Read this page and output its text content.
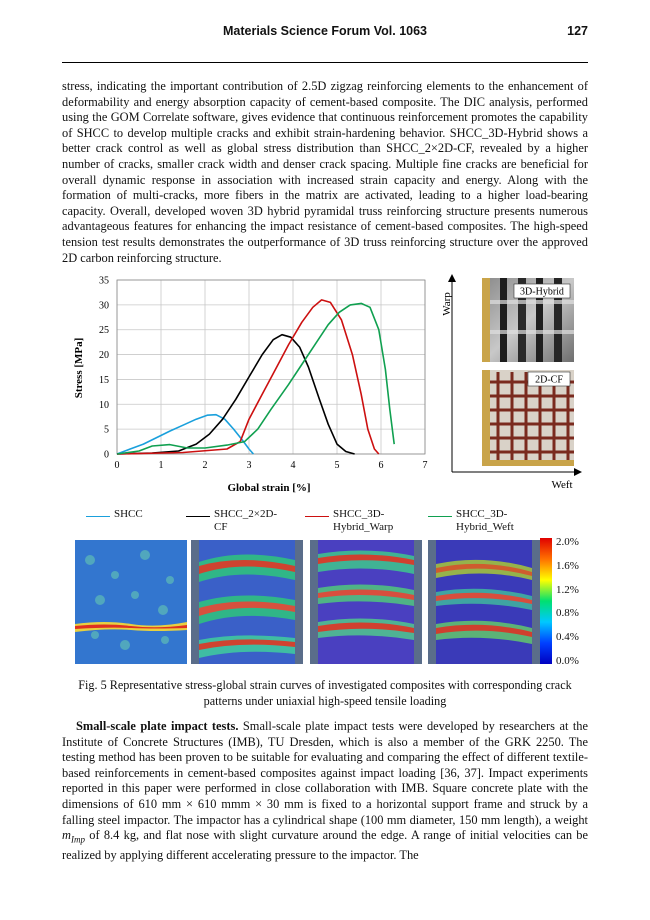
Materials Science Forum Vol. 1063	127

stress, indicating the important contribution of 2.5D zigzag reinforcing elements to the enhancement of deformability and energy absorption capacity of cement-based composite. The DIC analysis, performed using the GOM Correlate software, gives evidence that continuous reinforcement promotes the capability of SHCC to develop multiple cracks and exhibit strain-hardening behavior. SHCC_3D-Hybrid shows a better crack control as well as global stress distribution than SHCC_2×2D-CF, revealed by a higher number of cracks, smaller crack width and denser crack spacing. Multiple fine cracks are beneficial for overall dynamic response in association with increased strain capacity and energy. Along with the formation of multi-cracks, more fibers in the matrix are activated, leading to a higher load-bearing capacity. Overall, developed woven 3D hybrid pyramidal truss reinforcing structure presents numerous advantageous features for enhancing the impact resistance of cement-based composites. The high-speed tension test results demonstrates the outperformance of 3D truss reinforcing structure over the approved 2D carbon reinforcing structure.

0	1	2	3	4	5	6	7
0
5
10
15
20
25
30
35
Global strain [%]
Stress [MPa]
Warp
Weft
3D-Hybrid
2D-CF
SHCC	SHCC_2×2D-CF
SHCC_3D-Hybrid_Warp
SHCC_3D-Hybrid_Weft
2.0%
1.6%
1.2%
0.8%
0.4%
0.0%
Fig. 5 Representative stress-global strain curves of investigated composites with corresponding crack patterns under uniaxial high-speed tensile loading

Small-scale plate impact tests. Small-scale plate impact tests were developed by researchers at the Institute of Concrete Structures (IMB), TU Dresden, which is also a member of the GRK 2250. The testing method has been proven to be suitable for evaluating and comparing the effect of different textile-based reinforcements in cement-based composites against impact loading [36, 37]. Impact experiments reported in this paper were performed in close collaboration with IMB. Square concrete plate with the dimensions of 610 mm × 610 mmm × 30 mm is fixed to a horizontal support frame and struck by a falling steel impactor. The impactor has a cylindrical shape (100 mm diameter, 150 mm length), a weight $m_{Imp}$ of 8.4 kg, and flat nose with slight curvature around the edge. A range of initial velocities can be realized by applying different accelerating pressure to the impactor. The
